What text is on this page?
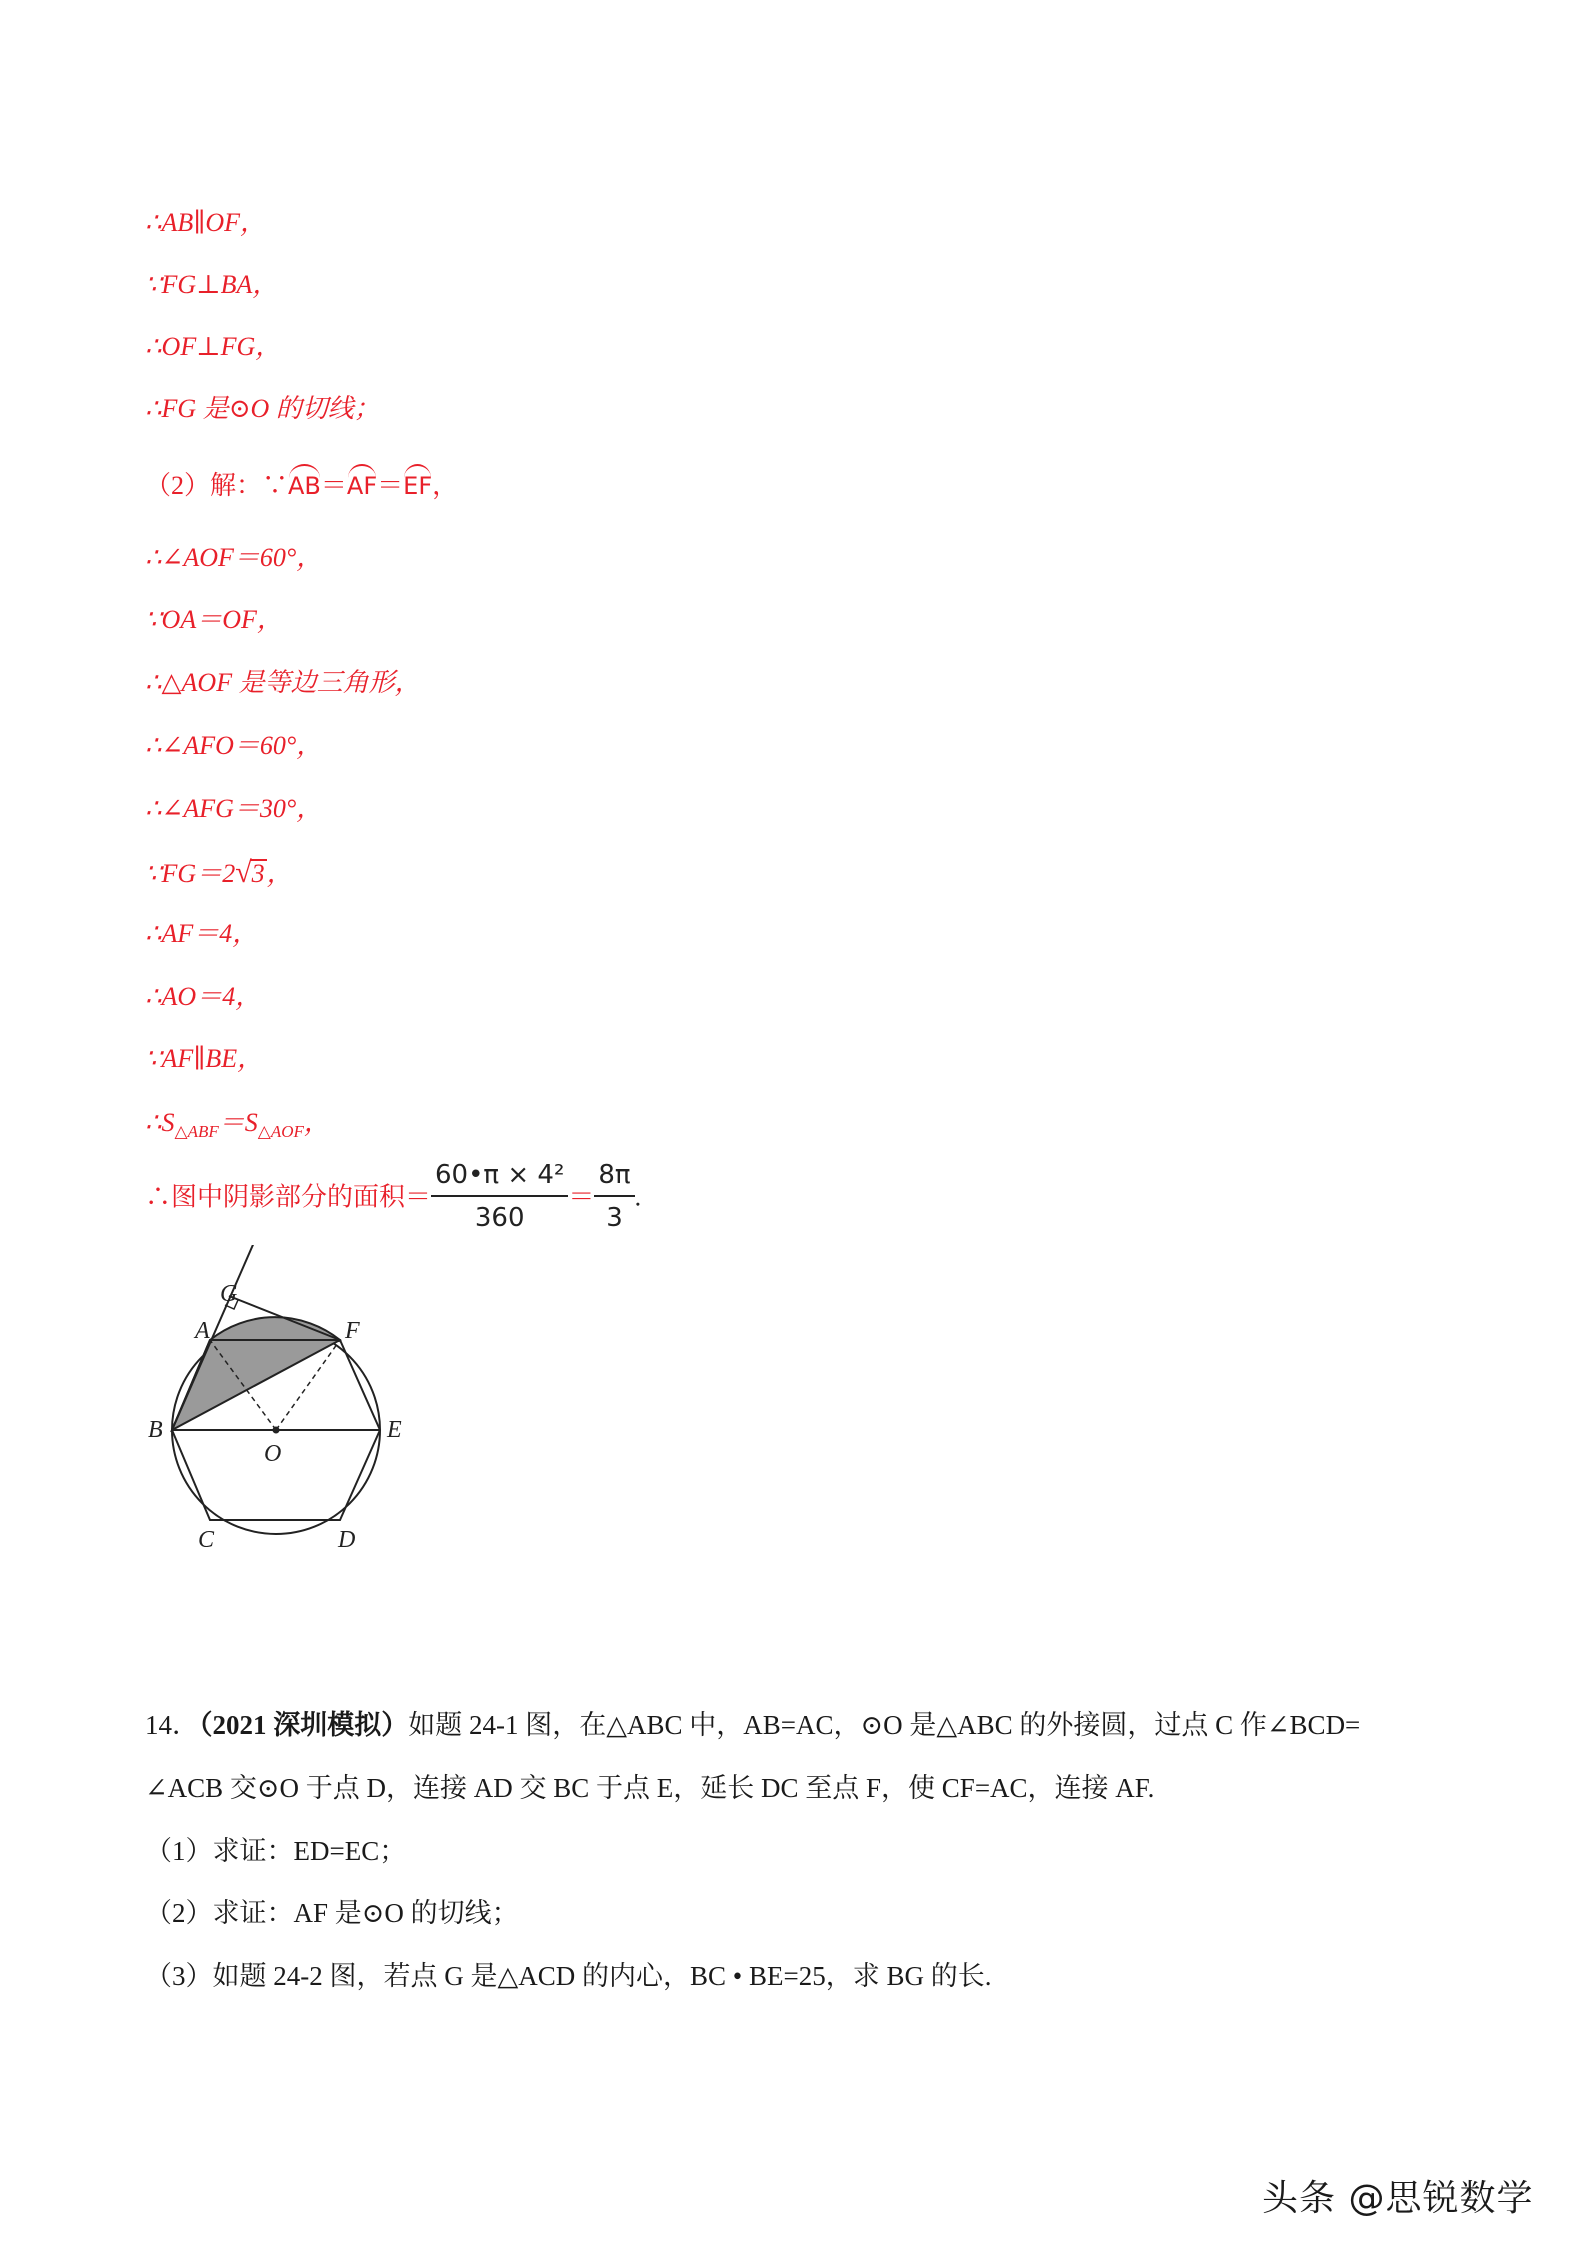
∴AB∥OF，
∵FG⊥BA，
∴OF⊥FG，
∴FG 是⊙O 的切线；
（2）解：∵AB＝AF＝EF，
∴∠AOF＝60°，
∵OA＝OF，
∴△AOF 是等边三角形，
∴∠AFO＝60°，
∴∠AFG＝30°，
∵FG＝2√3，
∴AF＝4，
∴AO＝4，
∵AF∥BE，
$\therefore S_{\triangle ABF}=S_{\triangle AOF}$，
∴图中阴影部分的面积＝ $\frac{\text{60•π × 4²}}{360} = \frac{8\pi}{3}$ .
G
A	F
B
O
E
C	D
14．（2021 深圳模拟）如题 24-1 图，在△ABC 中，AB=AC，⊙O 是△ABC 的外接圆，过点 C 作∠BCD=
∠ACB 交⊙O 于点 D，连接 AD 交 BC 于点 E，延长 DC 至点 F，使 CF=AC，连接 AF.
（1）求证：ED=EC；
（2）求证：AF 是⊙O 的切线；
（3）如题 24-2 图，若点 G 是△ACD 的内心，BC • BE=25，求 BG 的长.
头条 @思锐数学
